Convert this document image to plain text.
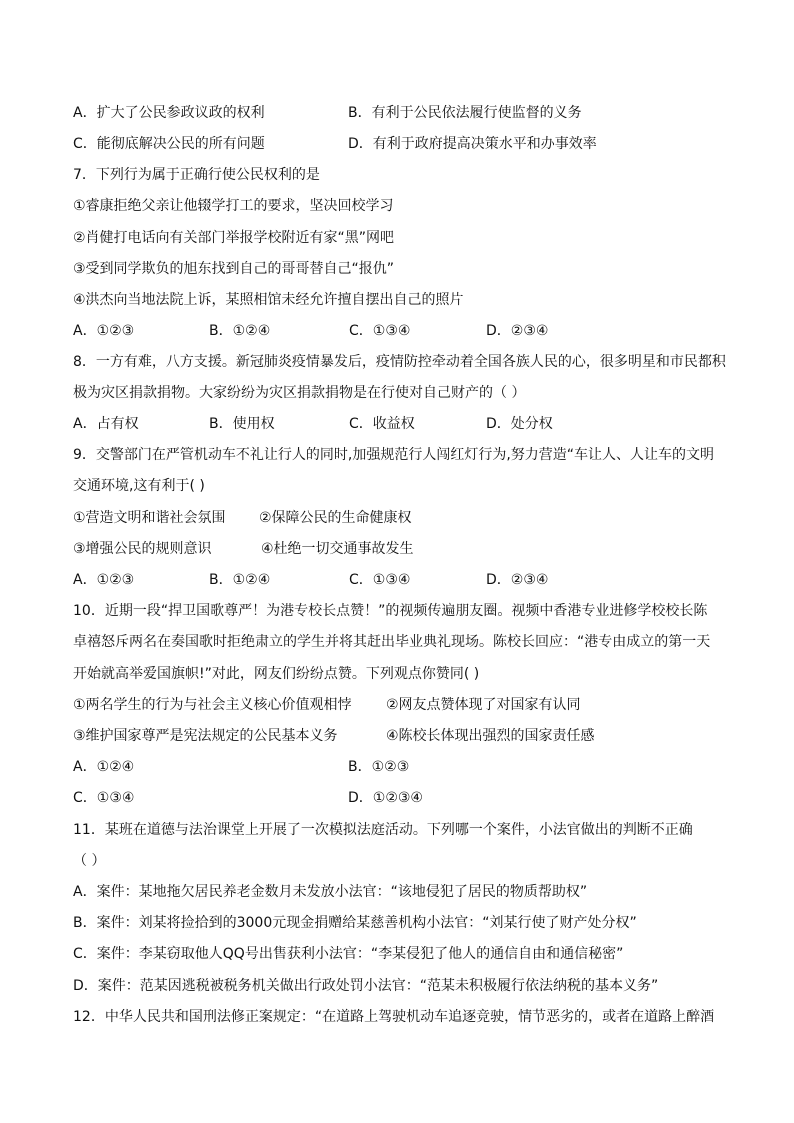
A．扩大了公民参政议政的权利	B．有利于公民依法履行使监督的义务
C．能彻底解决公民的所有问题	D．有利于政府提高决策水平和办事效率
7．下列行为属于正确行使公民权利的是
①睿康拒绝父亲让他辍学打工的要求，坚决回校学习
②肖健打电话向有关部门举报学校附近有家“黑”网吧
③受到同学欺负的旭东找到自己的哥哥替自己“报仇”
④洪杰向当地法院上诉，某照相馆未经允许擅自摆出自己的照片
A．①②③	B．①②④	C．①③④	D．②③④
8．一方有难，八方支援。新冠肺炎疫情暴发后，疫情防控牵动着全国各族人民的心，很多明星和市民都积
极为灾区捐款捐物。大家纷纷为灾区捐款捐物是在行使对自己财产的（ ）
A．占有权	B．使用权	C．收益权	D．处分权
9．交警部门在严管机动车不礼让行人的同时,加强规范行人闯红灯行为,努力营造“车让人、人让车的文明
交通环境,这有利于( )
①营造文明和谐社会氛围 ②保障公民的生命健康权
③增强公民的规则意识	④杜绝一切交通事故发生
A．①②③	B．①②④	C．①③④	D．②③④
10．近期一段“捍卫国歌尊严！为港专校长点赞！”的视频传遍朋友圈。视频中香港专业进修学校校长陈
卓禧怒斥两名在奏国歌时拒绝肃立的学生并将其赶出毕业典礼现场。陈校长回应：“港专由成立的第一天
开始就高举爱国旗帜!”对此，网友们纷纷点赞。下列观点你赞同( )
①两名学生的行为与社会主义核心价值观相悖 ②网友点赞体现了对国家有认同
③维护国家尊严是宪法规定的公民基本义务	④陈校长体现出强烈的国家责任感
A．①②④	B．①②③
C．①③④	D．①②③④
11．某班在道德与法治课堂上开展了一次模拟法庭活动。下列哪一个案件，小法官做出的判断不正确
（ ）
A．案件：某地拖欠居民养老金数月未发放小法官：“该地侵犯了居民的物质帮助权”
B．案件：刘某将捡拾到的3000元现金捐赠给某慈善机构小法官：“刘某行使了财产处分权”
C．案件：李某窃取他人QQ号出售获利小法官：“李某侵犯了他人的通信自由和通信秘密”
D．案件：范某因逃税被税务机关做出行政处罚小法官：“范某未积极履行依法纳税的基本义务”
12．中华人民共和国刑法修正案规定：“在道路上驾驶机动车追逐竞驶，情节恶劣的，或者在道路上醉酒
